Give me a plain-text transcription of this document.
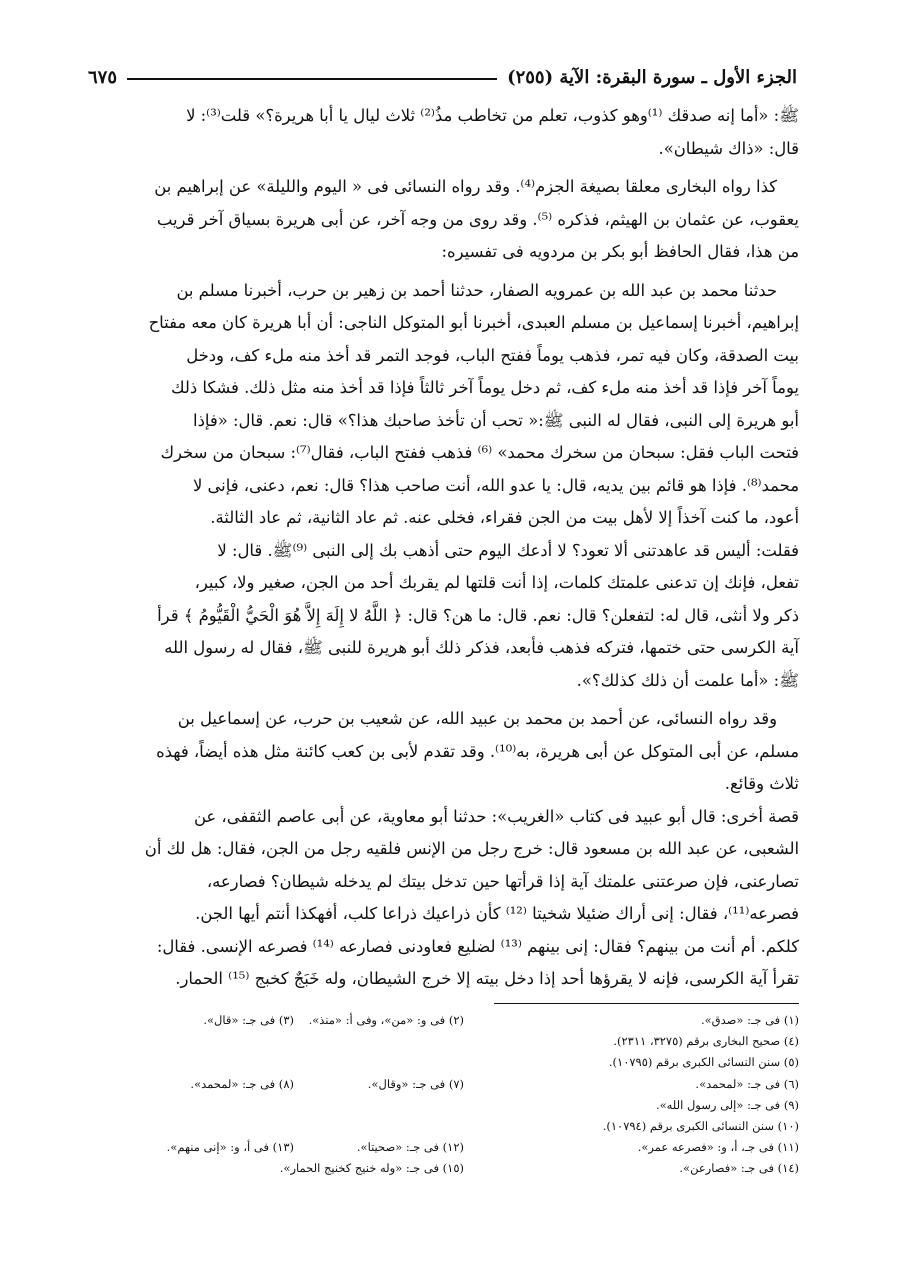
الجزء الأول ـ سورة البقرة: الآية (٢٥٥)
٦٧٥

ﷺ: «أما إنه صدقك ⁽¹⁾وهو كذوب، تعلم من تخاطب مذُ⁽²⁾ ثلاث ليال يا أبا هريرة؟» قلت⁽³⁾: لا

قال: «ذاك شيطان».

كذا رواه البخارى معلقا بصيغة الجزم⁽⁴⁾. وقد رواه النسائى فى « اليوم والليلة» عن إبراهيم بن

يعقوب، عن عثمان بن الهيثم، فذكره ⁽⁵⁾. وقد روى من وجه آخر، عن أبى هريرة بسياق آخر قريب

من هذا، فقال الحافظ أبو بكر بن مردويه فى تفسيره:

حدثنا محمد بن عبد الله بن عمرويه الصفار، حدثنا أحمد بن زهير بن حرب، أخبرنا مسلم بن

إبراهيم، أخبرنا إسماعيل بن مسلم العبدى، أخبرنا أبو المتوكل الناجى: أن أبا هريرة كان معه مفتاح

بيت الصدقة، وكان فيه تمر، فذهب يوماً ففتح الباب، فوجد التمر قد أخذ منه ملء كف، ودخل

يوماً آخر فإذا قد أخذ منه ملء كف، ثم دخل يوماً آخر ثالثاً فإذا قد أخذ منه مثل ذلك. فشكا ذلك

أبو هريرة إلى النبى، فقال له النبى ﷺ:« تحب أن تأخذ صاحبك هذا؟» قال: نعم. قال: «فإذا

فتحت الباب فقل: سبحان من سخرك محمد» ⁽⁶⁾ فذهب ففتح الباب، فقال⁽⁷⁾: سبحان من سخرك

محمد⁽⁸⁾. فإذا هو قائم بين يديه، قال: يا عدو الله، أنت صاحب هذا؟ قال: نعم، دعنى، فإنى لا

أعود، ما كنت آخذاً إلا لأهل بيت من الجن فقراء، فخلى عنه. ثم عاد الثانية، ثم عاد الثالثة.

فقلت: أليس قد عاهدتنى ألا تعود؟ لا أدعك اليوم حتى أذهب بك إلى النبى ⁽⁹⁾ﷺ. قال: لا

تفعل، فإنك إن تدعنى علمتك كلمات، إذا أنت قلتها لم يقربك أحد من الجن، صغير ولا، كبير،

ذكر ولا أنثى، قال له: لتفعلن؟ قال: نعم. قال: ما هن؟ قال: ﴿ اللَّهُ لا إِلَهَ إِلاَّ هُوَ الْحَيُّ الْقَيُّومُ ﴾ قرأ

آية الكرسى حتى ختمها، فتركه فذهب فأبعد، فذكر ذلك أبو هريرة للنبى ﷺ، فقال له رسول الله

ﷺ: «أما علمت أن ذلك كذلك؟».

وقد رواه النسائى، عن أحمد بن محمد بن عبيد الله، عن شعيب بن حرب، عن إسماعيل بن

مسلم، عن أبى المتوكل عن أبى هريرة، به⁽¹⁰⁾. وقد تقدم لأبى بن كعب كائنة مثل هذه أيضاً، فهذه

ثلاث وقائع.

قصة أخرى: قال أبو عبيد فى كتاب «الغريب»: حدثنا أبو معاوية، عن أبى عاصم الثقفى، عن

الشعبى، عن عبد الله بن مسعود قال: خرج رجل من الإنس فلقيه رجل من الجن، فقال: هل لك أن

تصارعنى، فإن صرعتنى علمتك آية إذا قرأتها حين تدخل بيتك لم يدخله شيطان؟ فصارعه،

فصرعه⁽¹¹⁾، فقال: إنى أراك ضئيلا شخيتا ⁽¹²⁾ كأن ذراعيك ذراعا كلب، أفهكذا أنتم أيها الجن.

كلكم. أم أنت من بينهم؟ فقال: إنى بينهم ⁽¹³⁾ لضليع فعاودنى فصارعه ⁽¹⁴⁾ فصرعه الإنسى. فقال:

تقرأ آية الكرسى، فإنه لا يقرؤها أحد إذا دخل بيته إلا خرج الشيطان، وله خَبَجٌ كخبج ⁽¹⁵⁾ الحمار.

(١) فى جـ: «صدق».
(٢) فى و: «من»، وفى أ: «منذ».
(٣) فى جـ: «قال».
(٤) صحيح البخارى برقم (٣٢٧٥، ٢٣١١).
(٥) سنن النسائى الكبرى برقم (١٠٧٩٥).
(٦) فى جـ: «لمحمد».
(٧) فى جـ: «وقال».
(٨) فى جـ: «لمحمد».
(٩) فى جـ: «إلى رسول الله».
(١٠) سنن النسائى الكبرى برقم (١٠٧٩٤).
(١١) فى جـ، أ، و: «فصرعه عمر».
(١٢) فى جـ: «صحيتا».
(١٣) فى أ، و: «إنى منهم».
(١٤) فى جـ: «فصارعن».
(١٥) فى جـ: «وله خنيج كخنيج الحمار».
